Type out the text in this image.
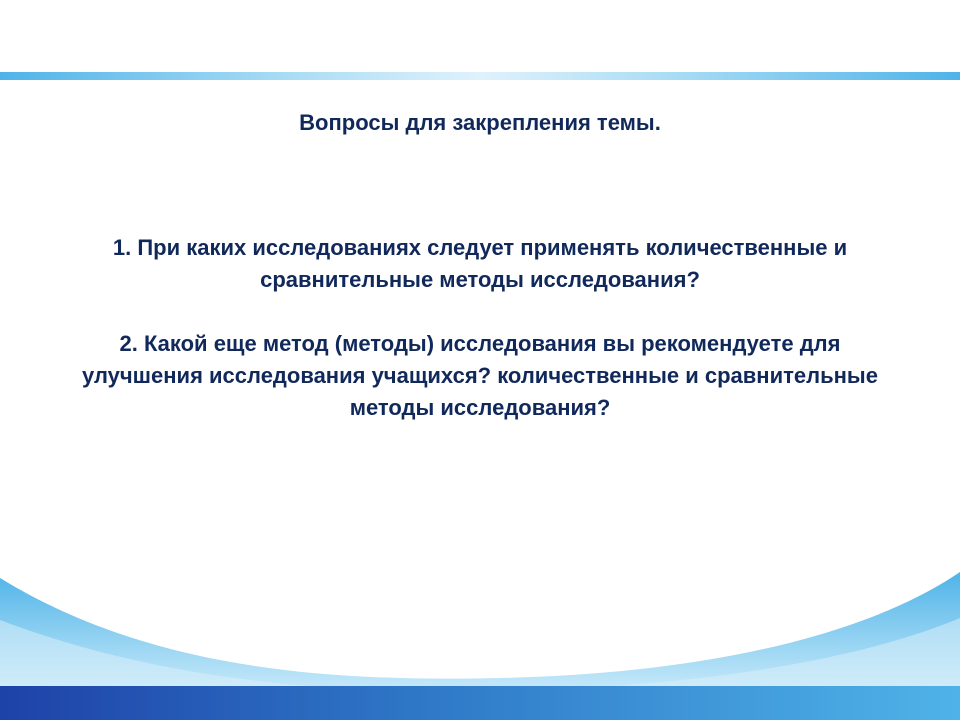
Вопросы для закрепления темы.

1. При каких исследованиях следует применять количественные и сравнительные методы исследования?

2. Какой еще метод (методы) исследования вы рекомендуете для улучшения исследования учащихся? количественные и сравнительные методы исследования?
